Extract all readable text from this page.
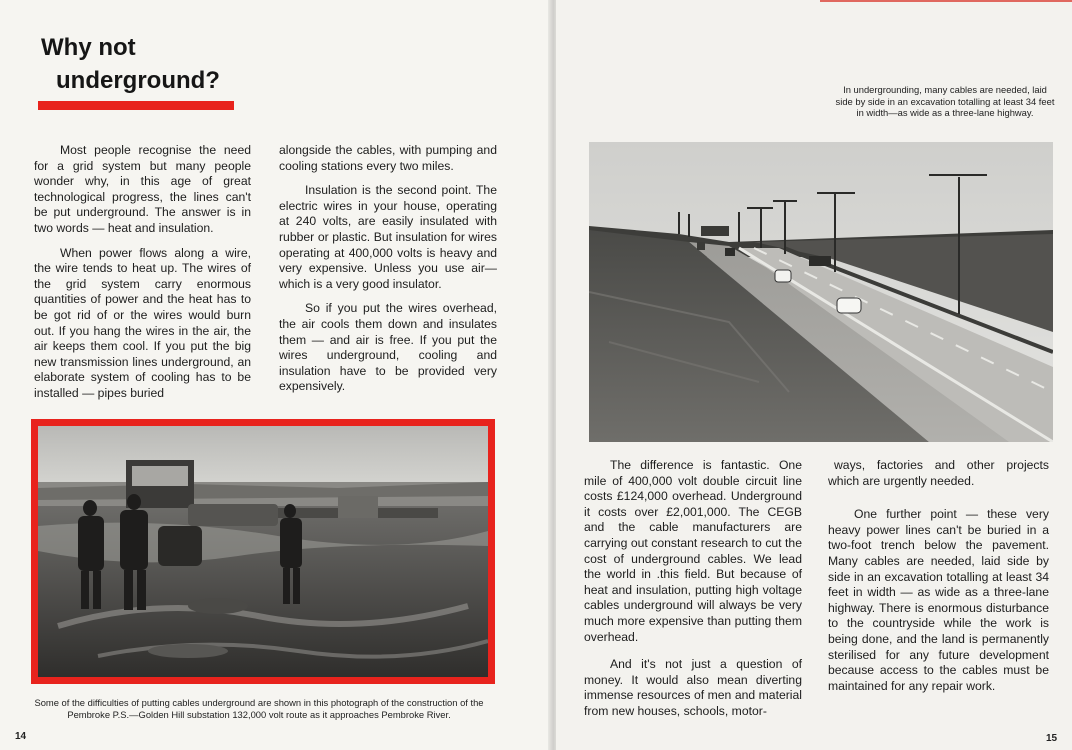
Why not
underground?

Most people recognise the need for a grid system but many people wonder why, in this age of great technological progress, the lines can't be put underground. The answer is in two words — heat and insulation.

When power flows along a wire, the wire tends to heat up. The wires of the grid system carry enormous quantities of power and the heat has to be got rid of or the wires would burn out. If you hang the wires in the air, the air keeps them cool. If you put the big new transmission lines underground, an elaborate system of cooling has to be installed — pipes buried

alongside the cables, with pumping and cooling stations every two miles.

Insulation is the second point. The electric wires in your house, operating at 240 volts, are easily insulated with rubber or plastic. But insulation for wires operating at 400,000 volts is heavy and very expensive. Unless you use air—which is a very good insulator.

So if you put the wires overhead, the air cools them down and insulates them — and air is free. If you put the wires underground, cooling and insulation have to be provided very expensively.

Some of the difficulties of putting cables underground are shown in this photograph of the construction of the Pembroke P.S.—Golden Hill substation 132,000 volt route as it approaches Pembroke River.
14
In undergrounding, many cables are needed, laid side by side in an excavation totalling at least 34 feet in width—as wide as a three-lane highway.

The difference is fantastic. One mile of 400,000 volt double circuit line costs £124,000 overhead. Underground it costs over £2,001,000. The CEGB and the cable manufacturers are carrying out constant research to cut the cost of underground cables. We lead the world in .this field. But because of heat and insulation, putting high voltage cables underground will always be very much more expensive than putting them overhead.

And it's not just a question of money. It would also mean diverting immense resources of men and material from new houses, schools, motor-

ways, factories and other projects which are urgently needed.

One further point — these very heavy power lines can't be buried in a two-foot trench below the pavement. Many cables are needed, laid side by side in an excavation totalling at least 34 feet in width — as wide as a three-lane highway. There is enormous disturbance to the countryside while the work is being done, and the land is permanently sterilised for any future development because access to the cables must be maintained for any repair work.

15
